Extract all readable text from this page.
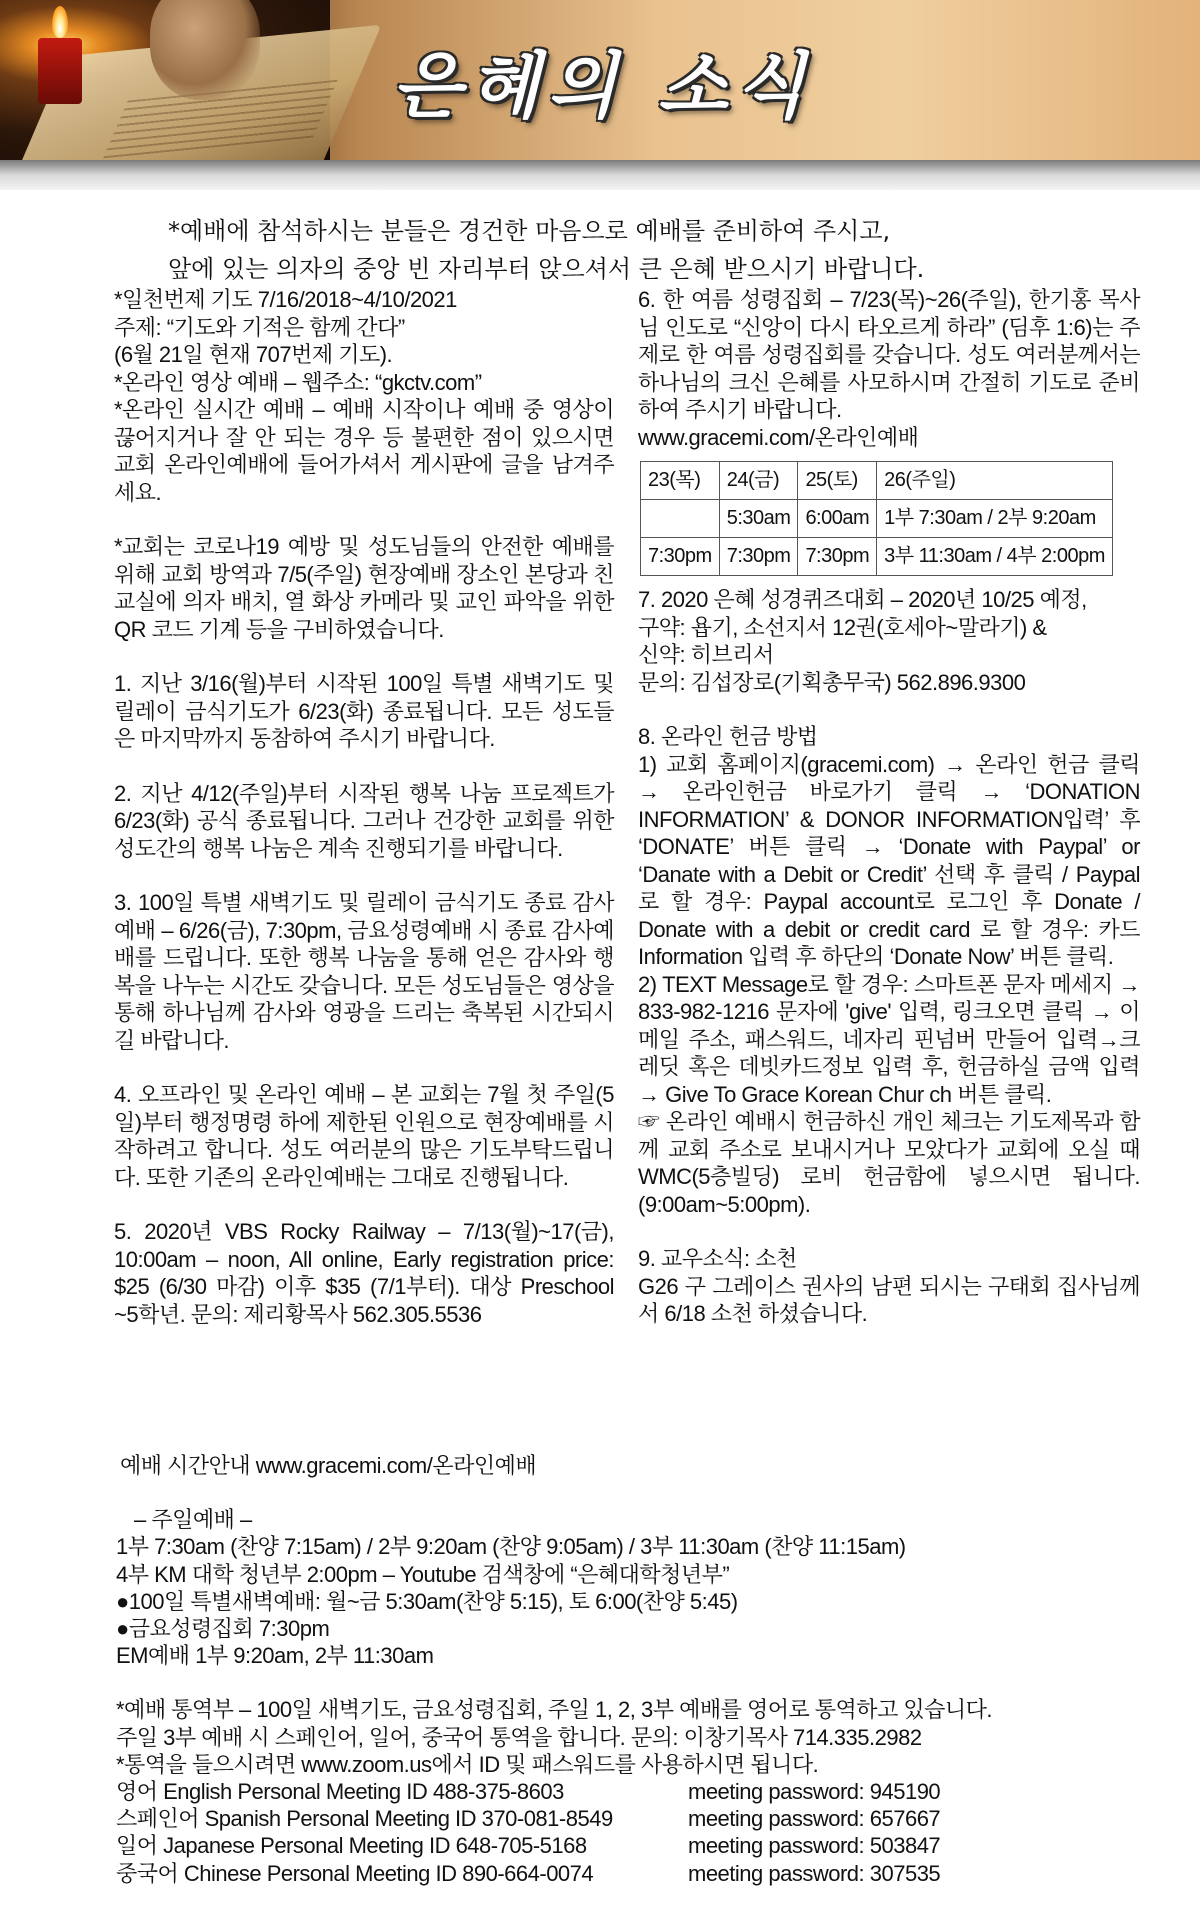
은혜의 소식
*예배에 참석하시는 분들은 경건한 마음으로 예배를 준비하여 주시고,
앞에 있는 의자의 중앙 빈 자리부터 앉으셔서 큰 은혜 받으시기 바랍니다.

*일천번제 기도 7/16/2018~4/10/2021

주제: “기도와 기적은 함께 간다”

(6월 21일 현재 707번제 기도).

*온라인 영상 예배 – 웹주소: “gkctv.com”

*온라인 실시간 예배 – 예배 시작이나 예배 중 영상이 끊어지거나 잘 안 되는 경우 등 불편한 점이 있으시면 교회 온라인예배에 들어가셔서 게시판에 글을 남겨주세요.

*교회는 코로나19 예방 및 성도님들의 안전한 예배를 위해 교회 방역과 7/5(주일) 현장예배 장소인 본당과 친교실에 의자 배치, 열 화상 카메라 및 교인 파악을 위한 QR 코드 기계 등을 구비하였습니다.

1. 지난 3/16(월)부터 시작된 100일 특별 새벽기도 및 릴레이 금식기도가 6/23(화) 종료됩니다. 모든 성도들은 마지막까지 동참하여 주시기 바랍니다.

2. 지난 4/12(주일)부터 시작된 행복 나눔 프로젝트가 6/23(화) 공식 종료됩니다. 그러나 건강한 교회를 위한 성도간의 행복 나눔은 계속 진행되기를 바랍니다.

3. 100일 특별 새벽기도 및 릴레이 금식기도 종료 감사예배 – 6/26(금), 7:30pm, 금요성령예배 시 종료 감사예배를 드립니다. 또한 행복 나눔을 통해 얻은 감사와 행복을 나누는 시간도 갖습니다. 모든 성도님들은 영상을 통해 하나님께 감사와 영광을 드리는 축복된 시간되시길 바랍니다.

4. 오프라인 및 온라인 예배 – 본 교회는 7월 첫 주일(5일)부터 행정명령 하에 제한된 인원으로 현장예배를 시작하려고 합니다. 성도 여러분의 많은 기도부탁드립니다. 또한 기존의 온라인예배는 그대로 진행됩니다.

5. 2020년 VBS Rocky Railway – 7/13(월)~17(금), 10:00am – noon, All online, Early registration price: $25 (6/30 마감) 이후 $35 (7/1부터). 대상 Preschool ~5학년. 문의: 제리황목사 562.305.5536

6. 한 여름 성령집회 – 7/23(목)~26(주일), 한기홍 목사님 인도로 “신앙이 다시 타오르게 하라” (딤후 1:6)는 주제로 한 여름 성령집회를 갖습니다. 성도 여러분께서는 하나님의 크신 은혜를 사모하시며 간절히 기도로 준비하여 주시기 바랍니다.

www.gracemi.com/온라인예배

23(목)	24(금)	25(토)	26(주일)
	5:30am	6:00am	1부 7:30am / 2부 9:20am
7:30pm	7:30pm	7:30pm	3부 11:30am / 4부 2:00pm

7. 2020 은혜 성경퀴즈대회 – 2020년 10/25 예정,

구약: 욥기, 소선지서 12권(호세아~말라기) &

신약: 히브리서

문의: 김섭장로(기획총무국) 562.896.9300

8. 온라인 헌금 방법

1) 교회 홈페이지(gracemi.com) → 온라인 헌금 클릭 → 온라인헌금 바로가기 클릭 → ‘DONATION INFORMATION’ & DONOR INFORMATION입력’ 후 ‘DONATE’ 버튼 클릭 → ‘Donate with Paypal’ or ‘Danate with a Debit or Credit’ 선택 후 클릭 / Paypal 로 할 경우: Paypal account로 로그인 후 Donate / Donate with a debit or credit card 로 할 경우: 카드 Information 입력 후 하단의 ‘Donate Now’ 버튼 클릭.

2) TEXT Message로 할 경우: 스마트폰 문자 메세지 → 833-982-1216 문자에 'give' 입력, 링크오면 클릭 → 이메일 주소, 패스워드, 네자리 핀넘버 만들어 입력→크레딧 혹은 데빗카드정보 입력 후, 헌금하실 금액 입력 → Give To Grace Korean Chur ch 버튼 클릭.

☞ 온라인 예배시 헌금하신 개인 체크는 기도제목과 함께 교회 주소로 보내시거나 모았다가 교회에 오실 때 WMC(5층빌딩) 로비 헌금함에 넣으시면 됩니다. (9:00am~5:00pm).

9. 교우소식: 소천

G26 구 그레이스 권사의 남편 되시는 구태회 집사님께서 6/18 소천 하셨습니다.

예배 시간안내 www.gracemi.com/온라인예배

– 주일예배 –

1부 7:30am (찬양 7:15am) / 2부 9:20am (찬양 9:05am) / 3부 11:30am (찬양 11:15am)

4부 KM 대학 청년부 2:00pm – Youtube 검색창에 “은혜대학청년부”

●100일 특별새벽예배: 월~금 5:30am(찬양 5:15), 토 6:00(찬양 5:45)

●금요성령집회 7:30pm

EM예배 1부 9:20am, 2부 11:30am

*예배 통역부 – 100일 새벽기도, 금요성령집회, 주일 1, 2, 3부 예배를 영어로 통역하고 있습니다.

주일 3부 예배 시 스페인어, 일어, 중국어 통역을 합니다. 문의: 이창기목사 714.335.2982

*통역을 들으시려면 www.zoom.us에서 ID 및 패스워드를 사용하시면 됩니다.

영어 English Personal Meeting ID 488-375-8603	meeting password: 945190

스페인어 Spanish Personal Meeting ID 370-081-8549	meeting password: 657667

일어 Japanese Personal Meeting ID 648-705-5168	meeting password: 503847

중국어 Chinese Personal Meeting ID 890-664-0074	meeting password: 307535
